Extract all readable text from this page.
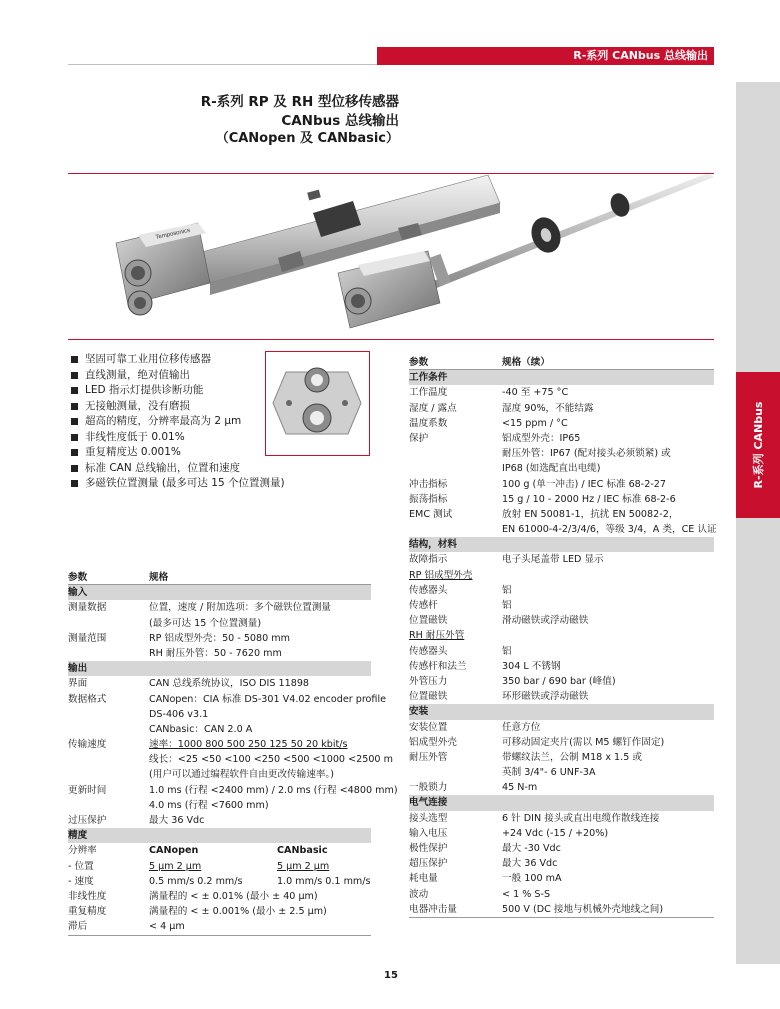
R-系列 CANbus 总线输出
R-系列 CANbus
R-系列 RP 及 RH 型位移传感器
CANbus 总线输出
（CANopen 及 CANbasic）
Temposonics
坚固可靠工业用位移传感器
直线测量，绝对值输出
LED 指示灯提供诊断功能
无接触测量，没有磨损
超高的精度，分辨率最高为 2 µm
非线性度低于 0.01%
重复精度达 0.001%
标准 CAN 总线输出，位置和速度
多磁铁位置测量 (最多可达 15 个位置测量)
参数	规格
输入
测量数据	位置，速度 / 附加选项：多个磁铁位置测量
(最多可达 15 个位置测量)
测量范围	RP 铝成型外壳：50 - 5080 mm
RH 耐压外管：50 - 7620 mm
输出
界面	CAN 总线系统协议，ISO DIS 11898
数据格式	CANopen：CIA 标准 DS-301 V4.02 encoder profile
DS-406 v3.1
CANbasic：CAN 2.0 A
传输速度	速率：1000 800 500 250 125 50 20 kbit/s
线长：<25 <50 <100 <250 <500 <1000 <2500 m
(用户可以通过编程软件自由更改传输速率。)
更新时间	1.0 ms (行程 <2400 mm) / 2.0 ms (行程 <4800 mm)
4.0 ms (行程 <7600 mm)
过压保护	最大 36 Vdc
精度
分辨率	CANopen	CANbasic
- 位置	5 µm 2 µm	5 µm 2 µm
- 速度	0.5 mm/s 0.2 mm/s	1.0 mm/s 0.1 mm/s
非线性度	满量程的 < ± 0.01% (最小 ± 40 µm)
重复精度	满量程的 < ± 0.001% (最小 ± 2.5 µm)
滞后	< 4 µm
参数	规格（续）
工作条件
工作温度	-40 至 +75 °C
湿度 / 露点	湿度 90%，不能结露
温度系数	<15 ppm / °C
保护	铝成型外壳：IP65
耐压外管：IP67 (配对接头必须锁紧) 或
IP68 (如选配直出电缆)
冲击指标	100 g (单一冲击) / IEC 标准 68-2-27
振荡指标	15 g / 10 - 2000 Hz / IEC 标准 68-2-6
EMC 测试	放射 EN 50081-1，抗扰 EN 50082-2，
EN 61000-4-2/3/4/6，等级 3/4，A 类，CE 认证
结构，材料
故障指示	电子头尾盖带 LED 显示
RP 铝成型外壳
传感器头	铝
传感杆	铝
位置磁铁	滑动磁铁或浮动磁铁
RH 耐压外管
传感器头	铝
传感杆和法兰	304 L 不锈钢
外管压力	350 bar / 690 bar (峰值)
位置磁铁	环形磁铁或浮动磁铁
安装
安装位置	任意方位
铝成型外壳	可移动固定夹片(需以 M5 螺钉作固定)
耐压外管	带螺纹法兰，公制 M18 x 1.5 或
英制 3/4"- 6 UNF-3A
一般锁力	45 N-m
电气连接
接头选型	6 针 DIN 接头或直出电缆作散线连接
输入电压	+24 Vdc (-15 / +20%)
极性保护	最大 -30 Vdc
超压保护	最大 36 Vdc
耗电量	一般 100 mA
波动	< 1 % S-S
电器冲击量	500 V (DC 接地与机械外壳地线之间)
15
